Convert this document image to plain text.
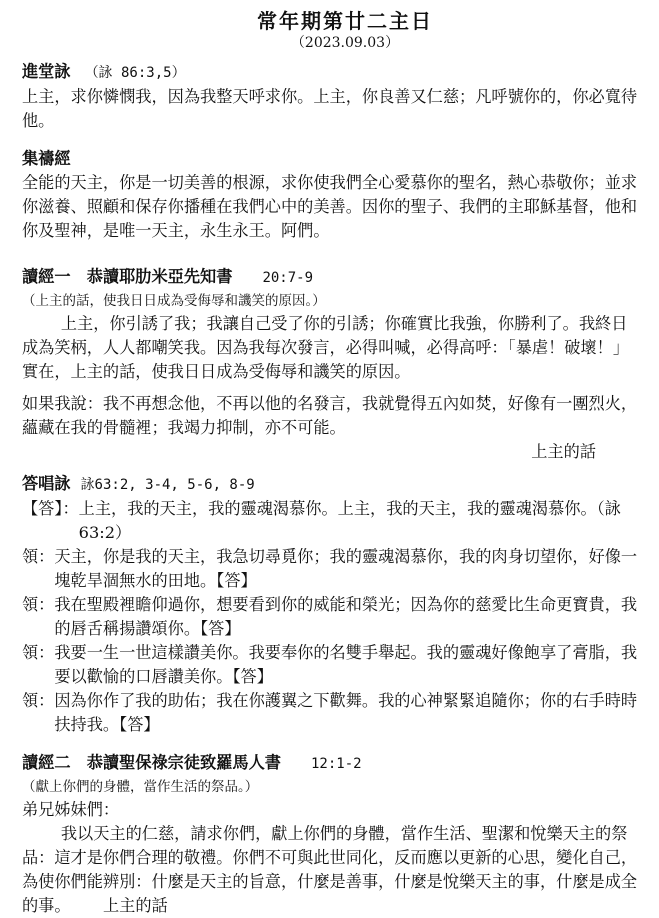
常年期第廿二主日
（2023.09.03）

進堂詠 （詠 86:3,5）

上主，求你憐憫我，因為我整天呼求你。上主，你良善又仁慈；凡呼號你的，你必寬待他。

集禱經

全能的天主，你是一切美善的根源，求你使我們全心愛慕你的聖名，熱心恭敬你；並求你滋養、照顧和保存你播種在我們心中的美善。因你的聖子、我們的主耶穌基督，他和你及聖神，是唯一天主，永生永王。阿們。

讀經一　恭讀耶肋米亞先知書 20:7-9

（上主的話，使我日日成為受侮辱和譏笑的原因。）

上主，你引誘了我；我讓自己受了你的引誘；你確實比我強，你勝利了。我終日成為笑柄，人人都嘲笑我。因為我每次發言，必得叫喊，必得高呼：「暴虐！破壞！」實在，上主的話，使我日日成為受侮辱和譏笑的原因。

如果我說：我不再想念他，不再以他的名發言，我就覺得五內如焚，好像有一團烈火，蘊藏在我的骨髓裡；我竭力抑制，亦不可能。

上主的話

答唱詠 詠63:2, 3-4, 5-6, 8-9

【答】： 上主，我的天主，我的靈魂渴慕你。上主，我的天主，我的靈魂渴慕你。（詠63:2）
領： 天主，你是我的天主，我急切尋覓你；我的靈魂渴慕你，我的肉身切望你，好像一塊乾旱涸無水的田地。【答】
領： 我在聖殿裡瞻仰過你，想要看到你的威能和榮光；因為你的慈愛比生命更寶貴，我的唇舌稱揚讚頌你。【答】
領： 我要一生一世這樣讚美你。我要奉你的名雙手舉起。我的靈魂好像飽享了膏脂，我要以歡愉的口唇讚美你。【答】
領： 因為你作了我的助佑；我在你護翼之下歡舞。我的心神緊緊追隨你；你的右手時時扶持我。【答】

讀經二　恭讀聖保祿宗徒致羅馬人書 12:1-2

（獻上你們的身體，當作生活的祭品。）

弟兄姊妹們：

我以天主的仁慈，請求你們，獻上你們的身體，當作生活、聖潔和悅樂天主的祭品：這才是你們合理的敬禮。你們不可與此世同化，反而應以更新的心思，變化自己，為使你們能辨別：什麼是天主的旨意，什麼是善事，什麼是悅樂天主的事，什麼是成全的事。 上主的話
